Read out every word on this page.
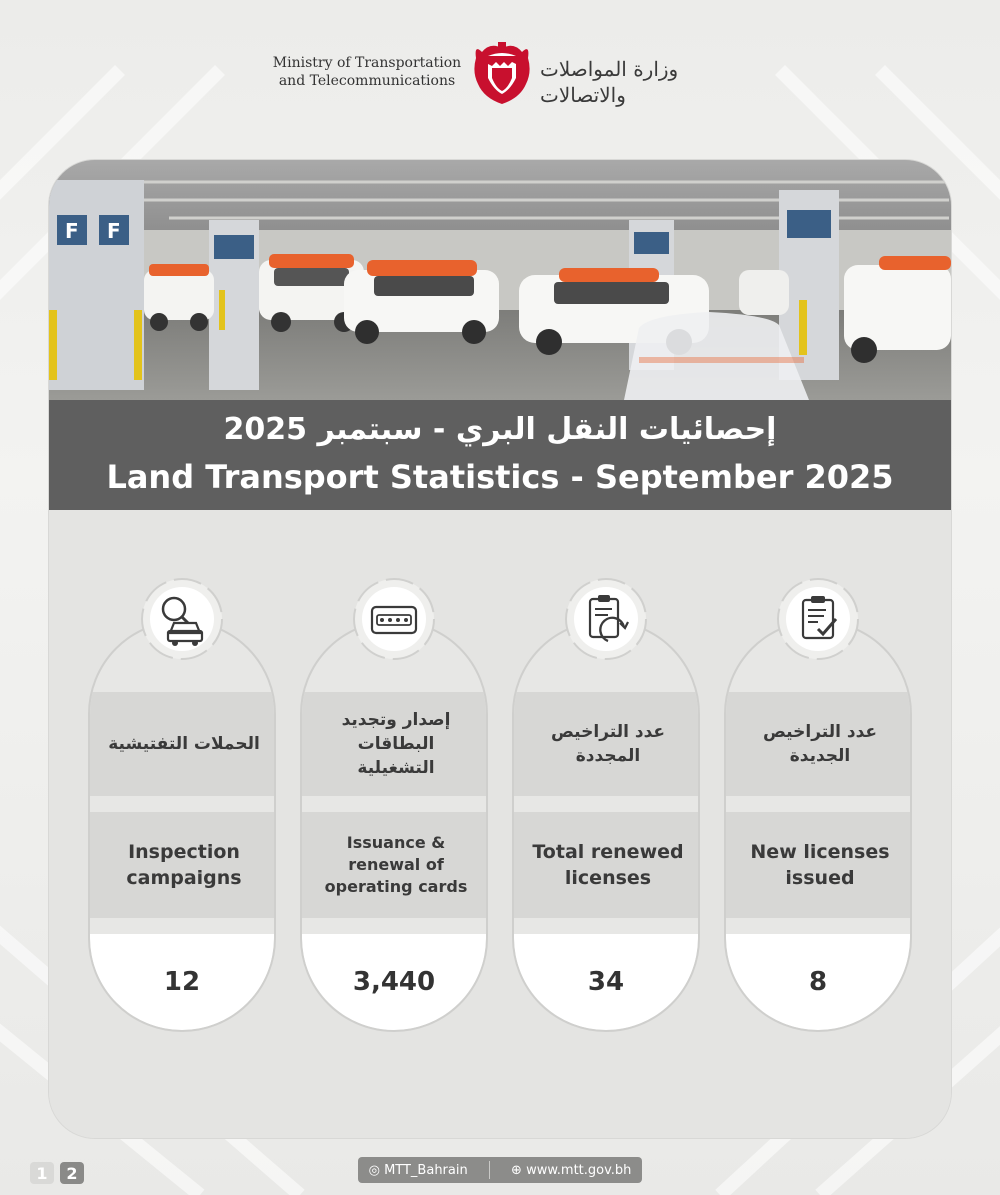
Ministry of Transportation
and Telecommunications	وزارة المواصلات والاتصالات
F F
إحصائيات النقل البري - سبتمبر 2025
Land Transport Statistics - September 2025
الحملات التفتيشية
Inspection campaigns
12
إصدار وتجديد البطاقات التشغيلية
Issuance & renewal of operating cards
3,440
عدد التراخيص المجددة
Total renewed licenses
34
عدد التراخيص الجديدة
New licenses issued
8
1	2	◎ MTT_Bahrain	⊕ www.mtt.gov.bh
